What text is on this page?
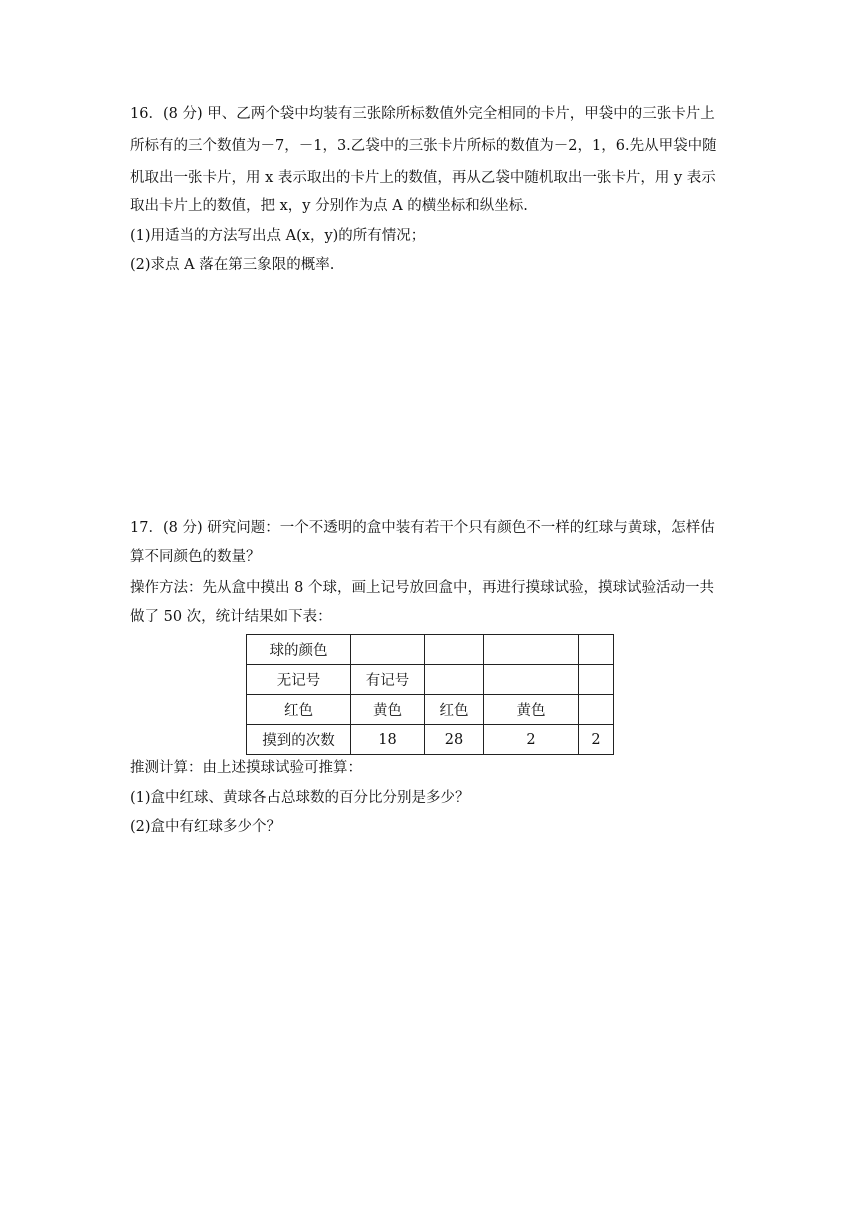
16．(8 分) 甲、乙两个袋中均装有三张除所标数值外完全相同的卡片，甲袋中的三张卡片上
所标有的三个数值为－7，－1，3.乙袋中的三张卡片所标的数值为－2，1，6.先从甲袋中随
机取出一张卡片，用 x 表示取出的卡片上的数值，再从乙袋中随机取出一张卡片，用 y 表示
取出卡片上的数值，把 x，y 分别作为点 A 的横坐标和纵坐标.
(1)用适当的方法写出点 A(x，y)的所有情况；
(2)求点 A 落在第三象限的概率.
17．(8 分) 研究问题：一个不透明的盒中装有若干个只有颜色不一样的红球与黄球，怎样估
算不同颜色的数量？
操作方法：先从盒中摸出 8 个球，画上记号放回盒中，再进行摸球试验，摸球试验活动一共
做了 50 次，统计结果如下表：
球的颜色				
无记号	有记号			
红色	黄色	红色	黄色	
摸到的次数	18	28	2	2
推测计算：由上述摸球试验可推算：
(1)盒中红球、黄球各占总球数的百分比分别是多少？
(2)盒中有红球多少个？
